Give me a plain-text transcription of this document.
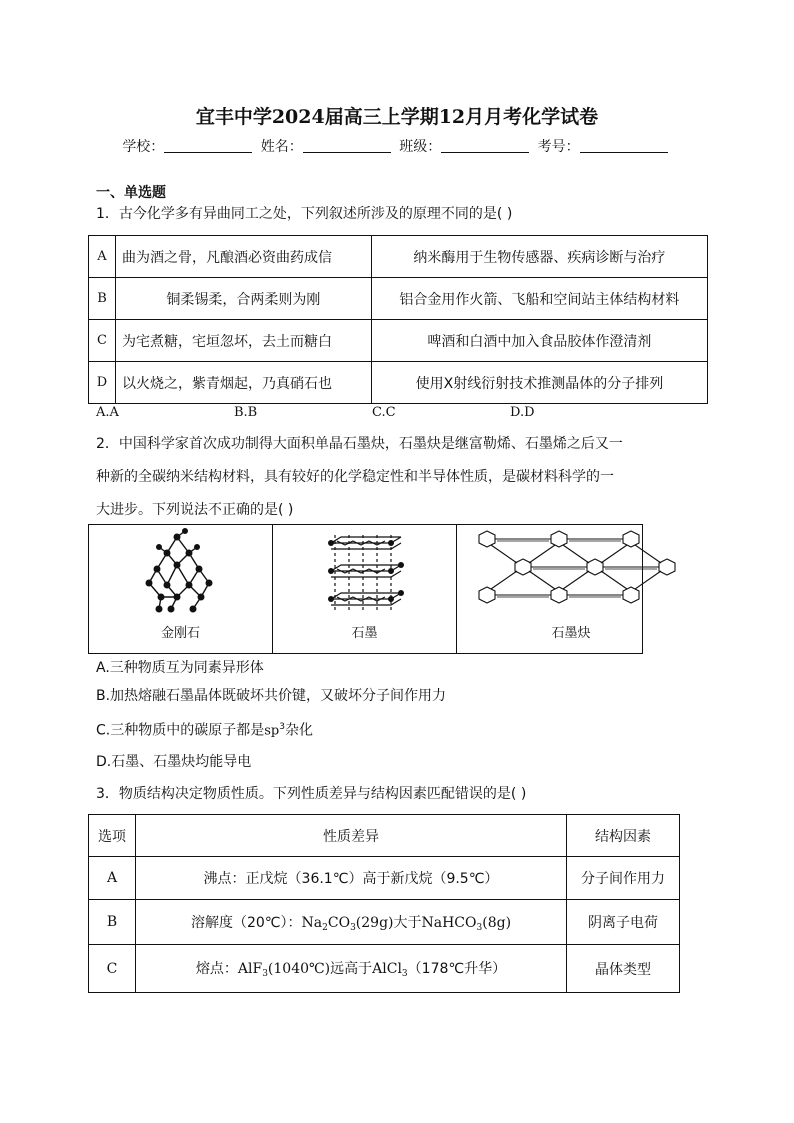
宜丰中学2024届高三上学期12月月考化学试卷
学校：	姓名：	班级：	考号：
一、单选题
1．古今化学多有异曲同工之处，下列叙述所涉及的原理不同的是( )
A	曲为酒之骨，凡酿酒必资曲药成信	纳米酶用于生物传感器、疾病诊断与治疗
B	铜柔锡柔，合两柔则为刚	铝合金用作火箭、飞船和空间站主体结构材料
C	为宅煮糖，宅垣忽坏，去土而糖白	啤酒和白酒中加入食品胶体作澄清剂
D	以火烧之，紫青烟起，乃真硝石也	使用X射线衍射技术推测晶体的分子排列
A.A	B.B	C.C	D.D
2．中国科学家首次成功制得大面积单晶石墨炔，石墨炔是继富勒烯、石墨烯之后又一
种新的全碳纳米结构材料，具有较好的化学稳定性和半导体性质，是碳材料科学的一
大进步。下列说法不正确的是( )
金刚石	石墨	石墨炔
A.三种物质互为同素异形体
B.加热熔融石墨晶体既破坏共价键，又破坏分子间作用力
C.三种物质中的碳原子都是$sp^3$杂化
D.石墨、石墨炔均能导电
3．物质结构决定物质性质。下列性质差异与结构因素匹配错误的是( )
选项	性质差异	结构因素
A	沸点：正戊烷（36.1℃）高于新戊烷（9.5℃）	分子间作用力
B	溶解度（20℃）：$Na_2CO_3(29g)$大于NaHCO$_3$(8g)	阴离子电荷
C	熔点：AlF$_3$(1040℃)远高于AlCl$_3$（178℃升华）	晶体类型
